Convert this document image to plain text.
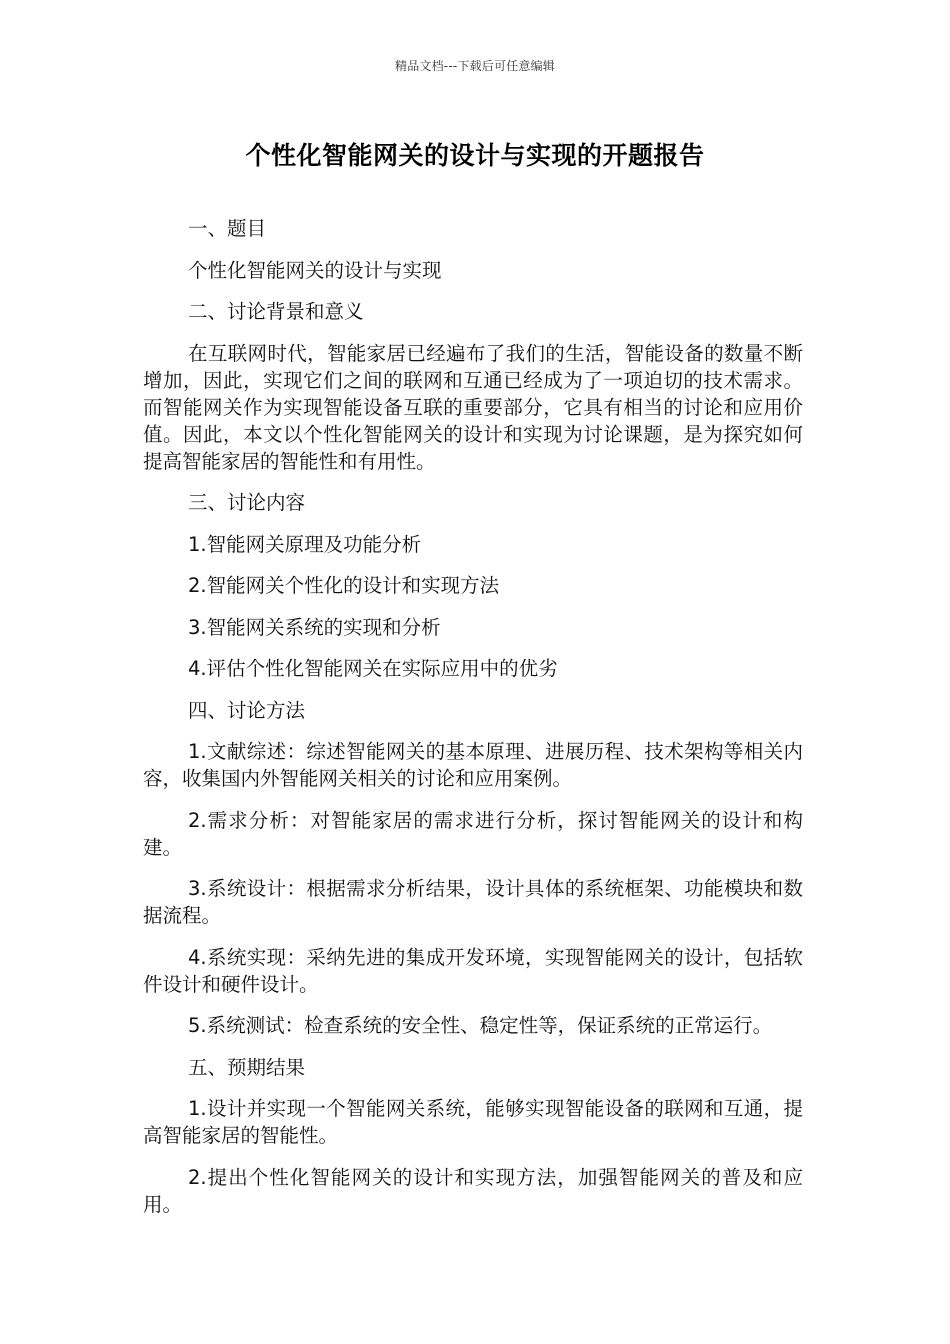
精品文档---下载后可任意编辑
个性化智能网关的设计与实现的开题报告

一、题目

个性化智能网关的设计与实现

二、讨论背景和意义

在互联网时代，智能家居已经遍布了我们的生活，智能设备的数量不断增加，因此，实现它们之间的联网和互通已经成为了一项迫切的技术需求。而智能网关作为实现智能设备互联的重要部分，它具有相当的讨论和应用价值。因此，本文以个性化智能网关的设计和实现为讨论课题，是为探究如何提高智能家居的智能性和有用性。

三、讨论内容

1.智能网关原理及功能分析

2.智能网关个性化的设计和实现方法

3.智能网关系统的实现和分析

4.评估个性化智能网关在实际应用中的优劣

四、讨论方法

1.文献综述：综述智能网关的基本原理、进展历程、技术架构等相关内容，收集国内外智能网关相关的讨论和应用案例。

2.需求分析：对智能家居的需求进行分析，探讨智能网关的设计和构建。

3.系统设计：根据需求分析结果，设计具体的系统框架、功能模块和数据流程。

4.系统实现：采纳先进的集成开发环境，实现智能网关的设计，包括软件设计和硬件设计。

5.系统测试：检查系统的安全性、稳定性等，保证系统的正常运行。

五、预期结果

1.设计并实现一个智能网关系统，能够实现智能设备的联网和互通，提高智能家居的智能性。

2.提出个性化智能网关的设计和实现方法，加强智能网关的普及和应用。
